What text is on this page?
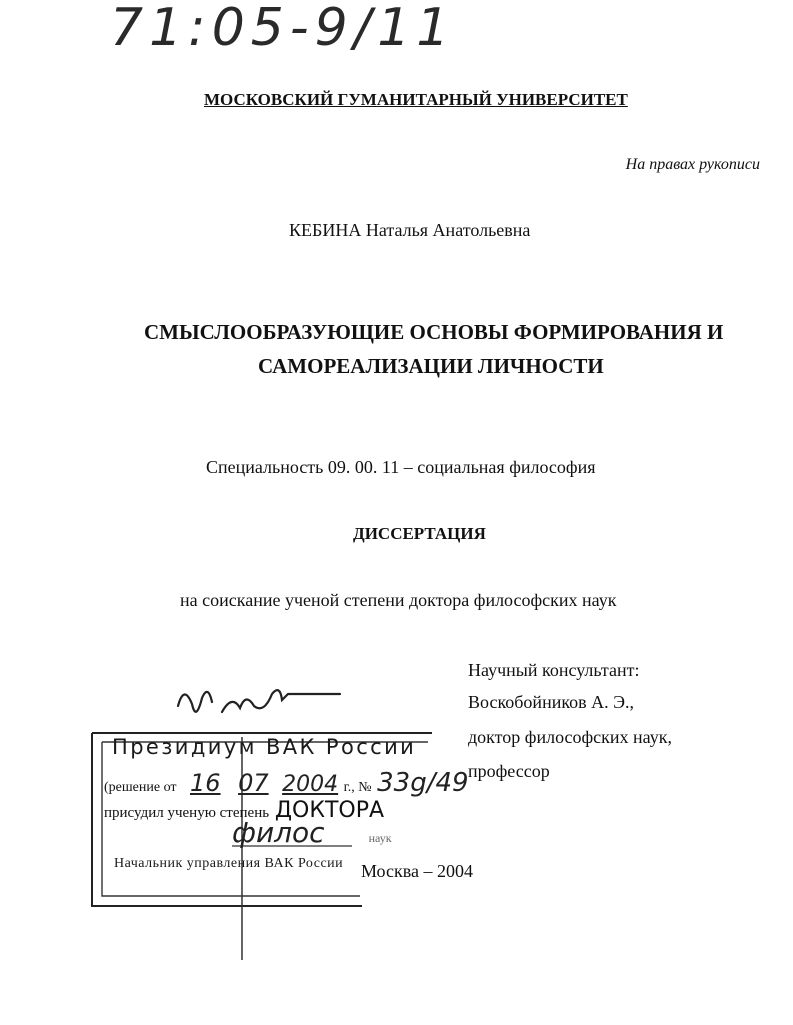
71:05-9/11
МОСКОВСКИЙ ГУМАНИТАРНЫЙ УНИВЕРСИТЕТ
На правах рукописи
КЕБИНА Наталья Анатольевна
СМЫСЛООБРАЗУЮЩИЕ ОСНОВЫ ФОРМИРОВАНИЯ И
САМОРЕАЛИЗАЦИИ ЛИЧНОСТИ
Специальность 09. 00. 11 – социальная философия
ДИССЕРТАЦИЯ
на соискание ученой степени доктора философских наук
Научный консультант:
Воскобойников А. Э.,
доктор философских наук,
профессор
Президиум ВАК России
(решение от 16 07 2004 г., № 33g/49
присудил ученую степень ДОКТОРА
филос	наук
Начальник управления ВАК России Москва – 2004
